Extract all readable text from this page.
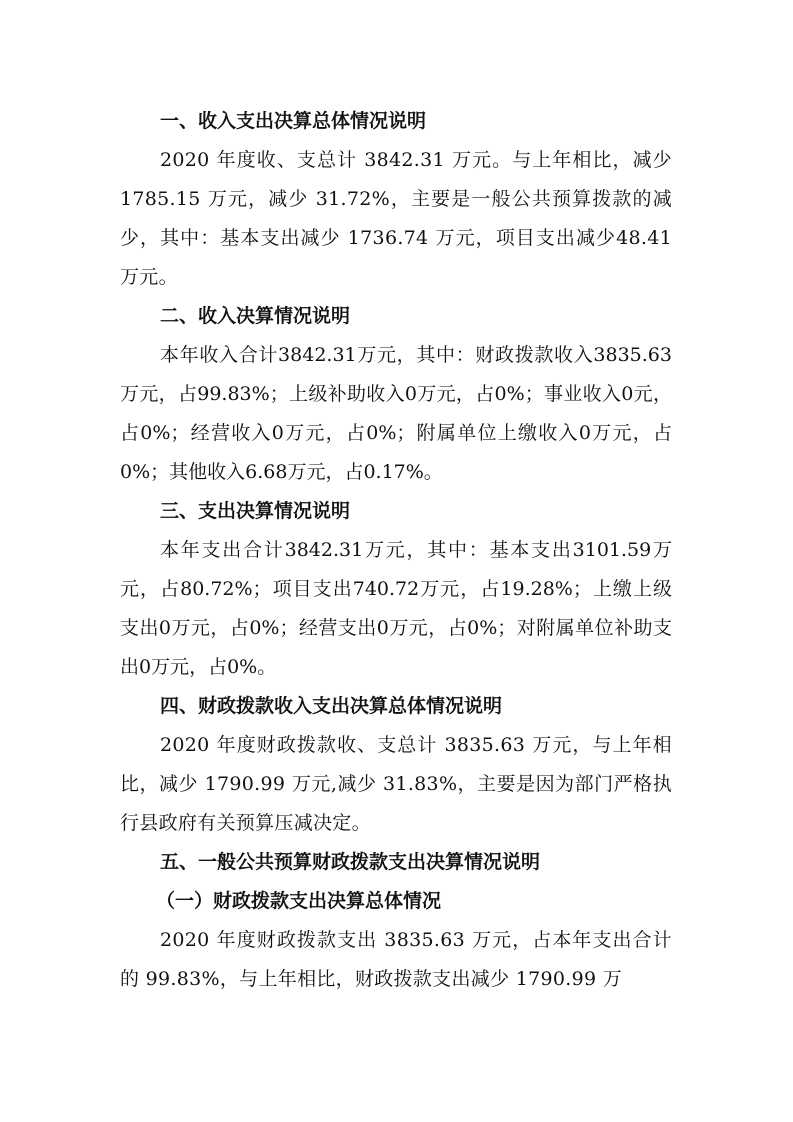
一、收入支出决算总体情况说明
2020 年度收、支总计 3842.31 万元。与上年相比，减少 1785.15 万元，减少 31.72%，主要是一般公共预算拨款的减少，其中：基本支出减少 1736.74 万元，项目支出减少48.41 万元。
二、收入决算情况说明
本年收入合计3842.31万元，其中：财政拨款收入3835.63万元，占99.83%；上级补助收入0万元，占0%；事业收入0元，占0%；经营收入0万元，占0%；附属单位上缴收入0万元，占0%；其他收入6.68万元，占0.17%。
三、支出决算情况说明
本年支出合计3842.31万元，其中：基本支出3101.59万元，占80.72%；项目支出740.72万元，占19.28%；上缴上级支出0万元，占0%；经营支出0万元，占0%；对附属单位补助支出0万元，占0%。
四、财政拨款收入支出决算总体情况说明
2020 年度财政拨款收、支总计 3835.63 万元，与上年相比，减少 1790.99 万元,减少 31.83%，主要是因为部门严格执行县政府有关预算压减决定。
五、一般公共预算财政拨款支出决算情况说明
（一）财政拨款支出决算总体情况
2020 年度财政拨款支出 3835.63 万元，占本年支出合计的 99.83%，与上年相比，财政拨款支出减少 1790.99 万
